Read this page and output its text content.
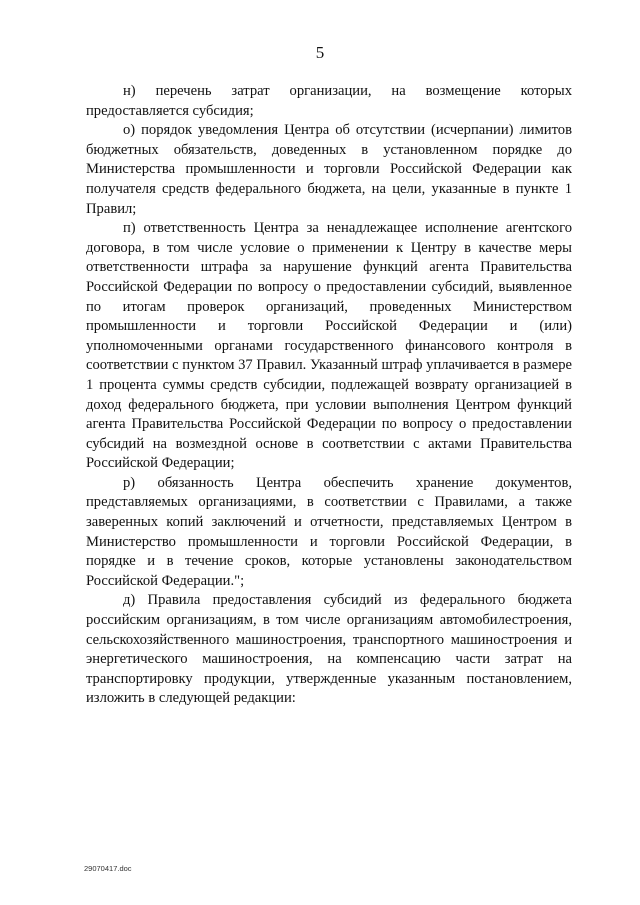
5

н) перечень затрат организации, на возмещение которых предоставляется субсидия;

о) порядок уведомления Центра об отсутствии (исчерпании) лимитов бюджетных обязательств, доведенных в установленном порядке до Министерства промышленности и торговли Российской Федерации как получателя средств федерального бюджета, на цели, указанные в пункте 1 Правил;

п) ответственность Центра за ненадлежащее исполнение агентского договора, в том числе условие о применении к Центру в качестве меры ответственности штрафа за нарушение функций агента Правительства Российской Федерации по вопросу о предоставлении субсидий, выявленное по итогам проверок организаций, проведенных Министерством промышленности и торговли Российской Федерации и (или) уполномоченными органами государственного финансового контроля в соответствии с пунктом 37 Правил. Указанный штраф уплачивается в размере 1 процента суммы средств субсидии, подлежащей возврату организацией в доход федерального бюджета, при условии выполнения Центром функций агента Правительства Российской Федерации по вопросу о предоставлении субсидий на возмездной основе в соответствии с актами Правительства Российской Федерации;

р) обязанность Центра обеспечить хранение документов, представляемых организациями, в соответствии с Правилами, а также заверенных копий заключений и отчетности, представляемых Центром в Министерство промышленности и торговли Российской Федерации, в порядке и в течение сроков, которые установлены законодательством Российской Федерации.";

д) Правила предоставления субсидий из федерального бюджета российским организациям, в том числе организациям автомобилестроения, сельскохозяйственного машиностроения, транспортного машиностроения и энергетического машиностроения, на компенсацию части затрат на транспортировку продукции, утвержденные указанным постановлением, изложить в следующей редакции:

29070417.doc
